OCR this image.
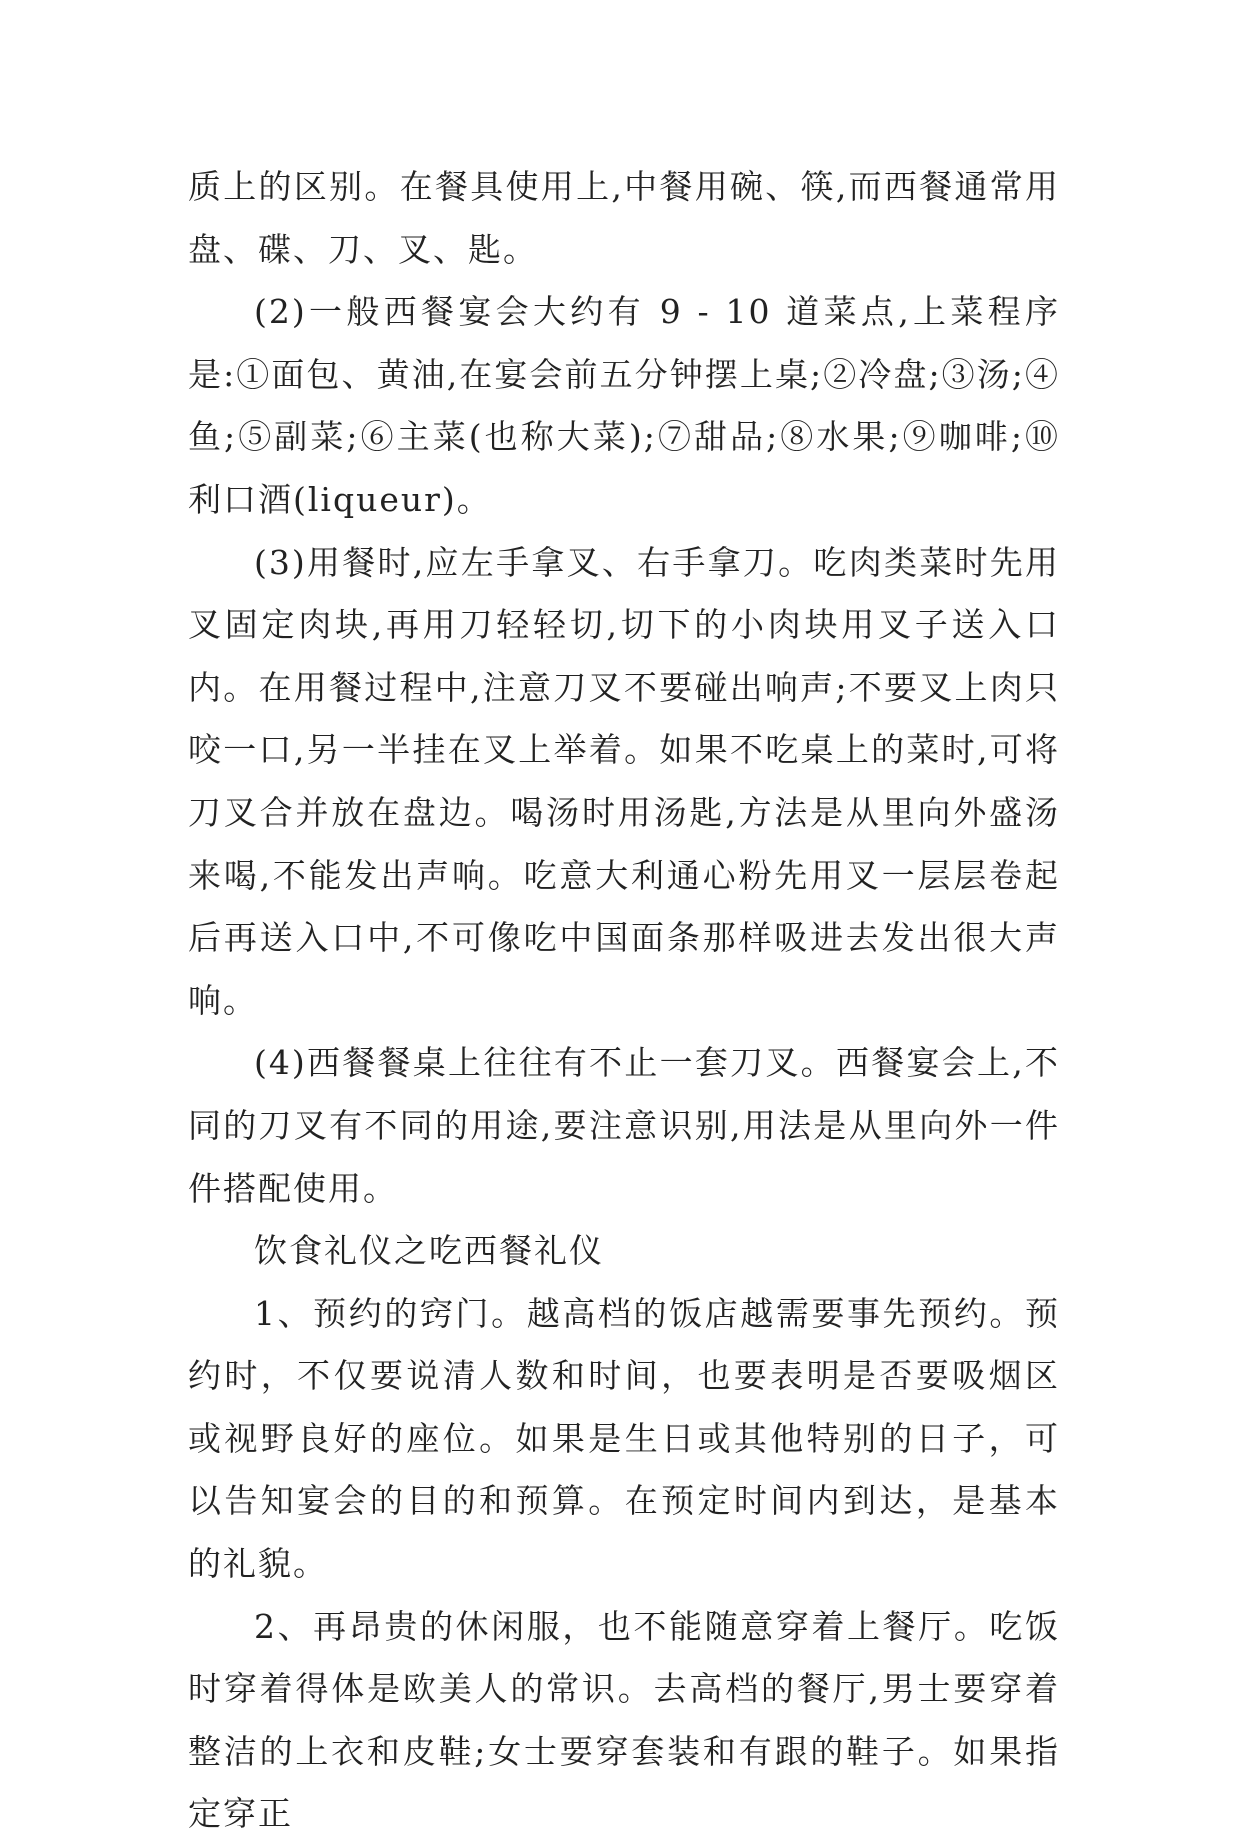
质上的区别。在餐具使用上,中餐用碗、筷,而西餐通常用盘、碟、刀、叉、匙。

(2)一般西餐宴会大约有 9 - 10 道菜点,上菜程序是:①面包、黄油,在宴会前五分钟摆上桌;②冷盘;③汤;④鱼;⑤副菜;⑥主菜(也称大菜);⑦甜品;⑧水果;⑨咖啡;⑩利口酒(liqueur)。

(3)用餐时,应左手拿叉、右手拿刀。吃肉类菜时先用叉固定肉块,再用刀轻轻切,切下的小肉块用叉子送入口内。在用餐过程中,注意刀叉不要碰出响声;不要叉上肉只咬一口,另一半挂在叉上举着。如果不吃桌上的菜时,可将刀叉合并放在盘边。喝汤时用汤匙,方法是从里向外盛汤来喝,不能发出声响。吃意大利通心粉先用叉一层层卷起后再送入口中,不可像吃中国面条那样吸进去发出很大声响。

(4)西餐餐桌上往往有不止一套刀叉。西餐宴会上,不同的刀叉有不同的用途,要注意识别,用法是从里向外一件件搭配使用。

饮食礼仪之吃西餐礼仪

1、预约的窍门。越高档的饭店越需要事先预约。预约时，不仅要说清人数和时间，也要表明是否要吸烟区或视野良好的座位。如果是生日或其他特别的日子，可以告知宴会的目的和预算。在预定时间内到达，是基本的礼貌。

2、再昂贵的休闲服，也不能随意穿着上餐厅。吃饭时穿着得体是欧美人的常识。去高档的餐厅,男士要穿着整洁的上衣和皮鞋;女士要穿套装和有跟的鞋子。如果指定穿正
